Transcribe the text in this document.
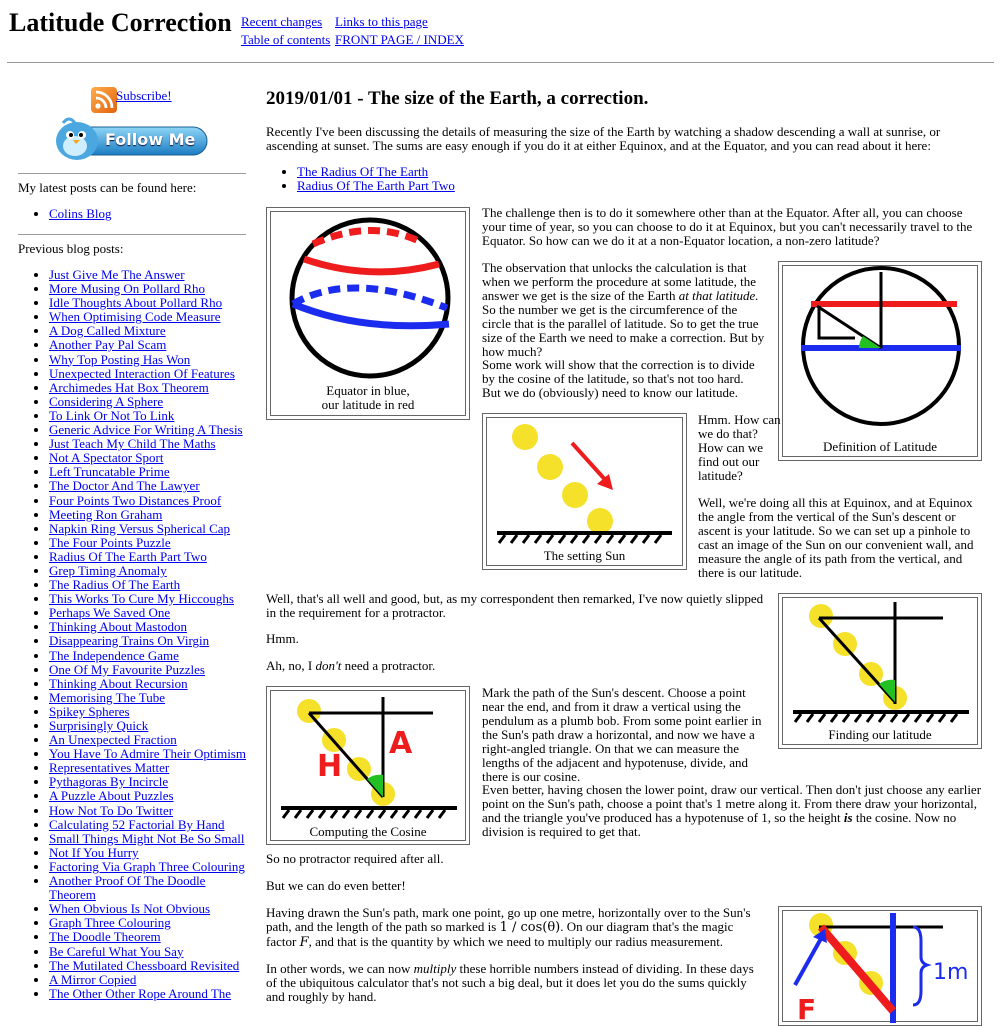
Latitude Correction Recent changes Links to this page
Table of contents FRONT PAGE / INDEX
Subscribe!
Follow Me
My latest posts can be found here:
• Colins Blog
Previous blog posts:
• Just Give Me The Answer
• More Musing On Pollard Rho
• Idle Thoughts About Pollard Rho
• When Optimising Code Measure
• A Dog Called Mixture
• Another Pay Pal Scam
• Why Top Posting Has Won
• Unexpected Interaction Of Features
• Archimedes Hat Box Theorem
• Considering A Sphere
• To Link Or Not To Link
• Generic Advice For Writing A Thesis
• Just Teach My Child The Maths
• Not A Spectator Sport
• Left Truncatable Prime
• The Doctor And The Lawyer
• Four Points Two Distances Proof
• Meeting Ron Graham
• Napkin Ring Versus Spherical Cap
• The Four Points Puzzle
• Radius Of The Earth Part Two
• Grep Timing Anomaly
• The Radius Of The Earth
• This Works To Cure My Hiccoughs
• Perhaps We Saved One
• Thinking About Mastodon
• Disappearing Trains On Virgin
• The Independence Game
• One Of My Favourite Puzzles
• Thinking About Recursion
• Memorising The Tube
• Spikey Spheres
• Surprisingly Quick
• An Unexpected Fraction
• You Have To Admire Their Optimism
• Representatives Matter
• Pythagoras By Incircle
• A Puzzle About Puzzles
• How Not To Do Twitter
• Calculating 52 Factorial By Hand
• Small Things Might Not Be So Small
• Not If You Hurry
• Factoring Via Graph Three Colouring
• Another Proof Of The Doodle Theorem
• When Obvious Is Not Obvious
• Graph Three Colouring
• The Doodle Theorem
• Be Careful What You Say
• The Mutilated Chessboard Revisited
• A Mirror Copied
• The Other Other Rope Around The
2019/01/01 - The size of the Earth, a correction.

Recently I've been discussing the details of measuring the size of the Earth by watching a shadow descending a wall at sunrise, or ascending at sunset. The sums are easy enough if you do it at either Equinox, and at the Equator, and you can read about it here:

• The Radius Of The Earth
• Radius Of The Earth Part Two
Equator in blue,
our latitude in red

The challenge then is to do it somewhere other than at the Equator. After all, you can choose your time of year, so you can choose to do it at Equinox, but you can't necessarily travel to the Equator. So how can we do it at a non-Equator location, a non-zero latitude?

Definition of Latitude

The observation that unlocks the calculation is that when we perform the procedure at some latitude, the answer we get is the size of the Earth at that latitude. So the number we get is the circumference of the circle that is the parallel of latitude. So to get the true size of the Earth we need to make a correction. But by how much?

Some work will show that the correction is to divide by the cosine of the latitude, so that's not too hard. But we do (obviously) need to know our latitude.

The setting Sun

Hmm. How can we do that? How can we find out our latitude?

Well, we're doing all this at Equinox, and at Equinox the angle from the vertical of the Sun's descent or ascent is your latitude. So we can set up a pinhole to cast an image of the Sun on our convenient wall, and measure the angle of its path from the vertical, and there is our latitude.

Well, that's all well and good, but, as my correspondent then remarked, I've now quietly slipped in the requirement for a protractor.

Finding our latitude

Hmm.

Ah, no, I don't need a protractor.

H
A
Computing the Cosine

Mark the path of the Sun's descent. Choose a point near the end, and from it draw a vertical using the pendulum as a plumb bob. From some point earlier in the Sun's path draw a horizontal, and now we have a right-angled triangle. On that we can measure the lengths of the adjacent and hypotenuse, divide, and there is our cosine.

Even better, having chosen the lower point, draw our vertical. Then don't just choose any earlier point on the Sun's path, choose a point that's 1 metre along it. From there draw your horizontal, and the triangle you've produced has a hypotenuse of 1, so the height is the cosine. Now no division is required to get that.

So no protractor required after all.

But we can do even better!

Having drawn the Sun's path, mark one point, go up one metre, horizontally over to the Sun's path, and the length of the path so marked is 1 / cos(θ). On our diagram that's the magic factor F, and that is the quantity by which we need to multiply our radius measurement.

In other words, we can now multiply these horrible numbers instead of dividing. In these days of the ubiquitous calculator that's not such a big deal, but it does let you do the sums quickly and roughly by hand.

1m
F
